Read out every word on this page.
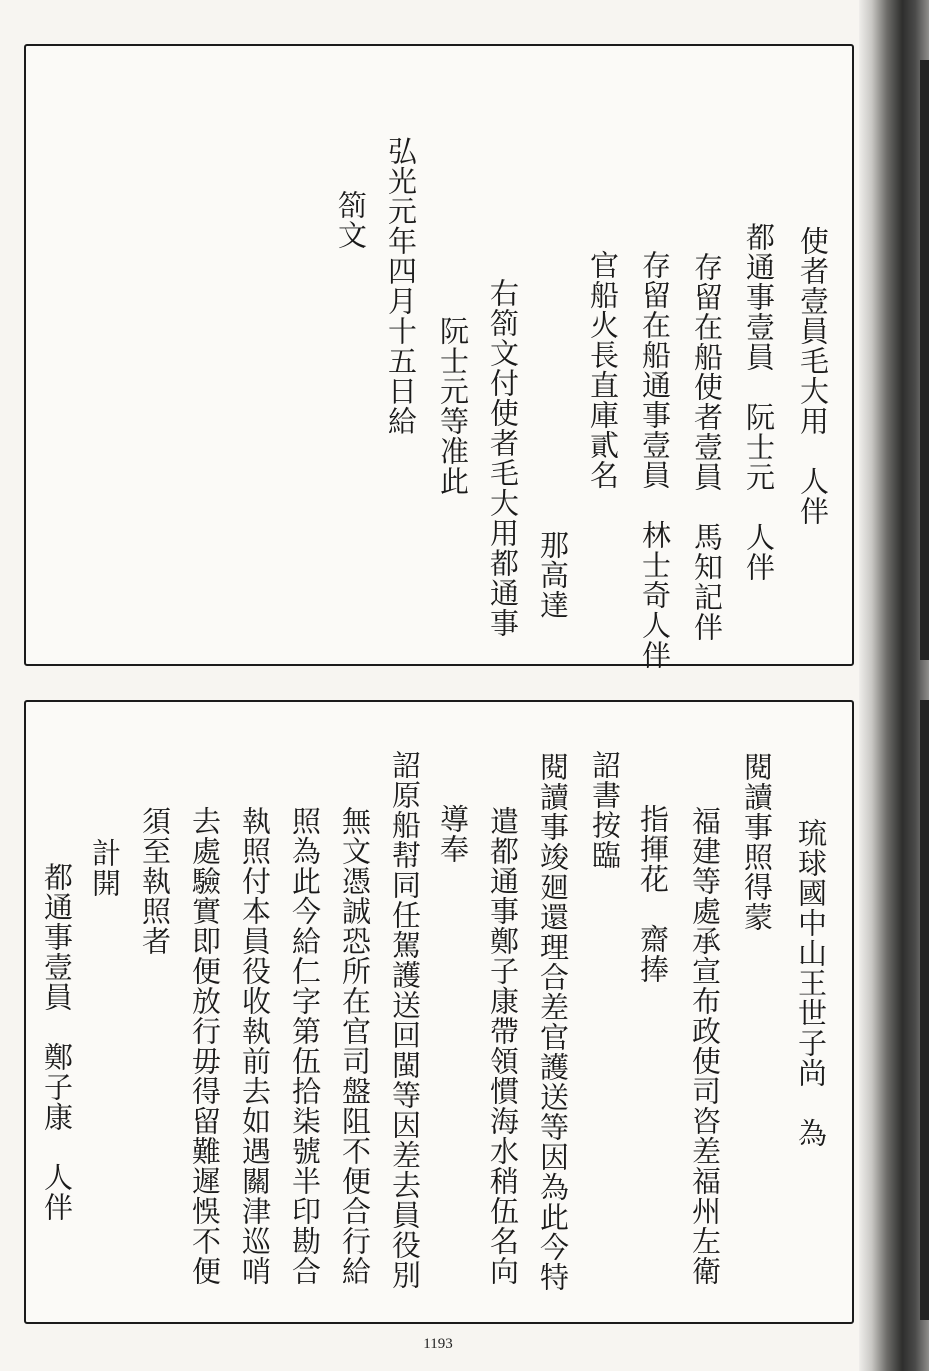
使者壹員毛大用　人伴
都通事壹員　阮士元　人伴
存留在船使者壹員　馬知記伴
存留在船通事壹員　林士奇人伴
官船火長直庫貳名
那高達
右箚文付使者毛大用都通事
阮士元等准此
弘光元年四月十五日給
箚文
琉球國中山王世子尚　為
閱讀事照得蒙
福建等處承宣布政使司咨差福州左衛
指揮花　齋捧
詔書按臨
閱讀事竣廻還理合差官護送等因為此今特
遣都通事鄭子康帶領慣海水稍伍名向
導奉
詔原船幇同任駕護送回閩等因差去員役別
無文憑誠恐所在官司盤阻不便合行給
照為此今給仁字第伍拾柒號半印勘合
執照付本員役收執前去如遇關津巡哨
去處驗實即便放行毋得留難遲悞不便
須至執照者
計開
都通事壹員　鄭子康　人伴
1193
